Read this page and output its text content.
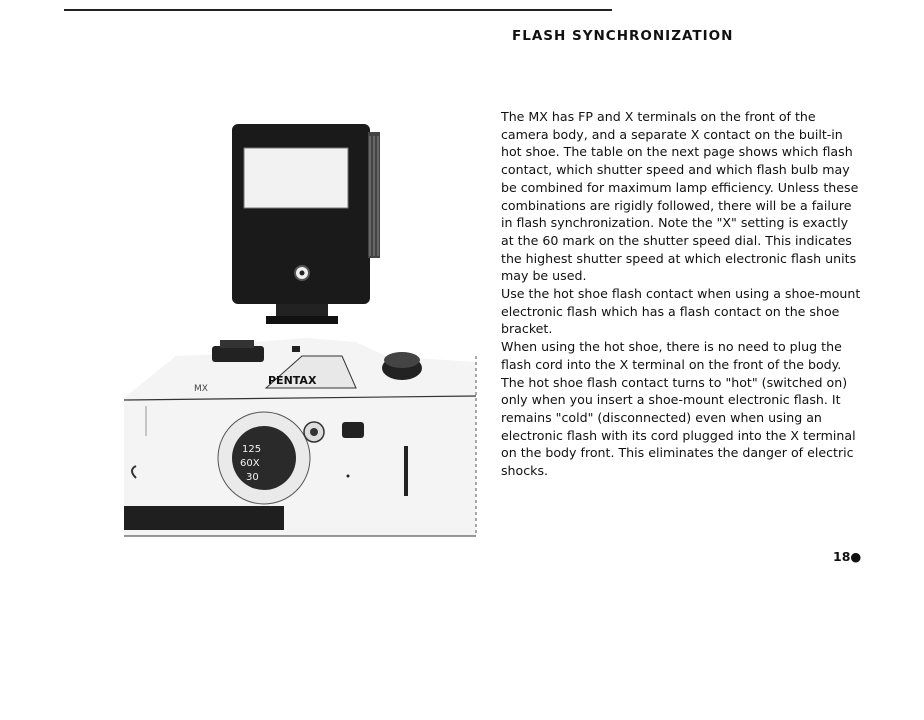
FLASH SYNCHRONIZATION
PENTAX
MX
125
60X
30

The MX has FP and X terminals on the front of the camera body, and a separate X contact on the built-in hot shoe. The table on the next page shows which flash contact, which shutter speed and which flash bulb may be combined for maximum lamp efficiency. Unless these combinations are rigidly followed, there will be a failure in flash synchronization. Note the "X" setting is exactly at the 60 mark on the shutter speed dial. This indicates the highest shutter speed at which electronic flash units may be used.

Use the hot shoe flash contact when using a shoe-mount electronic flash which has a flash contact on the shoe bracket.

When using the hot shoe, there is no need to plug the flash cord into the X terminal on the front of the body. The hot shoe flash contact turns to "hot" (switched on) only when you insert a shoe-mount electronic flash. It remains "cold" (disconnected) even when using an electronic flash with its cord plugged into the X terminal on the body front. This eliminates the danger of electric shocks.

18●
